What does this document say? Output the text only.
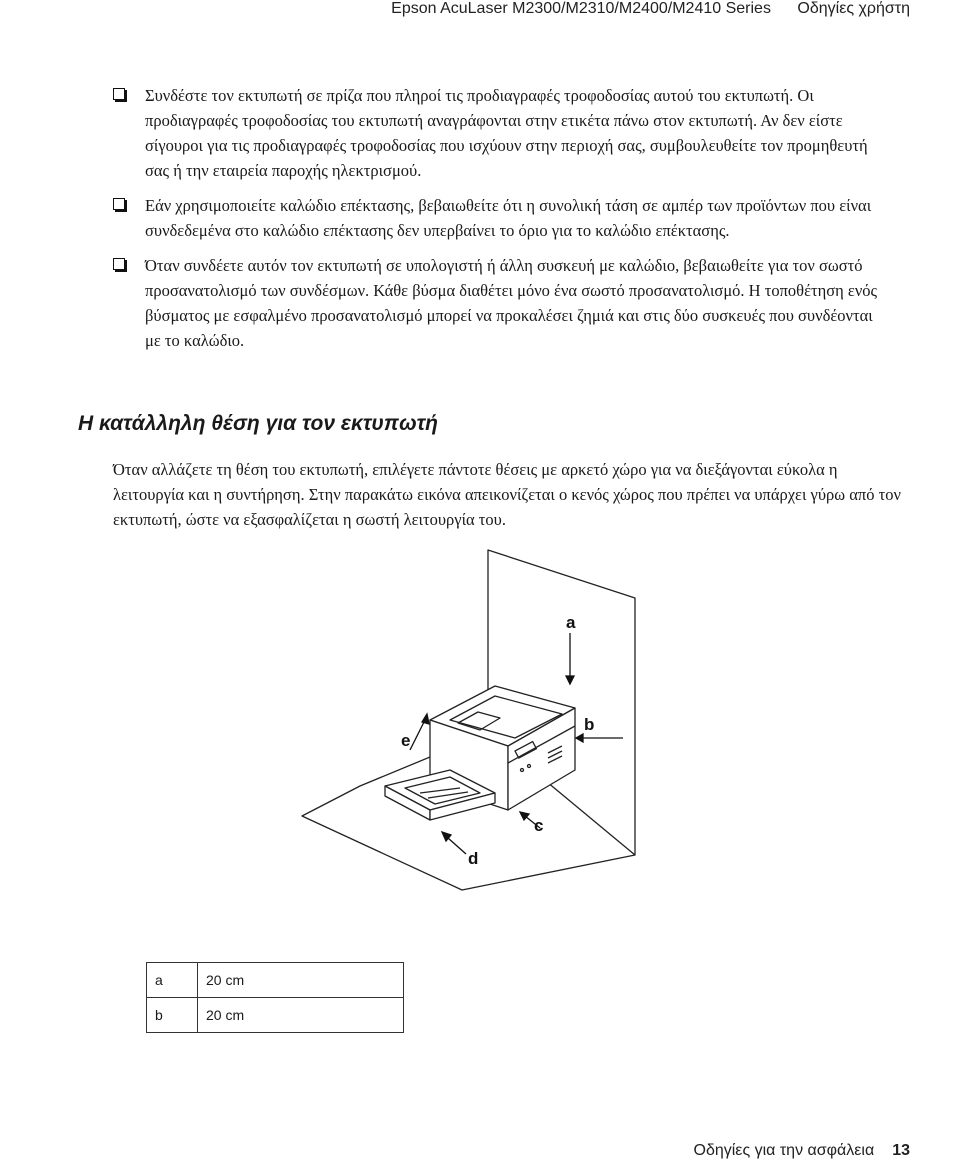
Epson AcuLaser M2300/M2310/M2400/M2410 Series Οδηγίες χρήστη
Συνδέστε τον εκτυπωτή σε πρίζα που πληροί τις προδιαγραφές τροφοδοσίας αυτού του εκτυπωτή. Οι προδιαγραφές τροφοδοσίας του εκτυπωτή αναγράφονται στην ετικέτα πάνω στον εκτυπωτή. Αν δεν είστε σίγουροι για τις προδιαγραφές τροφοδοσίας που ισχύουν στην περιοχή σας, συμβουλευθείτε τον προμηθευτή σας ή την εταιρεία παροχής ηλεκτρισμού.
Εάν χρησιμοποιείτε καλώδιο επέκτασης, βεβαιωθείτε ότι η συνολική τάση σε αμπέρ των προϊόντων που είναι συνδεδεμένα στο καλώδιο επέκτασης δεν υπερβαίνει το όριο για το καλώδιο επέκτασης.
Όταν συνδέετε αυτόν τον εκτυπωτή σε υπολογιστή ή άλλη συσκευή με καλώδιο, βεβαιωθείτε για τον σωστό προσανατολισμό των συνδέσμων. Κάθε βύσμα διαθέτει μόνο ένα σωστό προσανατολισμό. Η τοποθέτηση ενός βύσματος με εσφαλμένο προσανατολισμό μπορεί να προκαλέσει ζημιά και στις δύο συσκευές που συνδέονται με το καλώδιο.
Η κατάλληλη θέση για τον εκτυπωτή

Όταν αλλάζετε τη θέση του εκτυπωτή, επιλέγετε πάντοτε θέσεις με αρκετό χώρο για να διεξάγονται εύκολα η λειτουργία και η συντήρηση. Στην παρακάτω εικόνα απεικονίζεται ο κενός χώρος που πρέπει να υπάρχει γύρω από τον εκτυπωτή, ώστε να εξασφαλίζεται η σωστή λειτουργία του.

a
b
c
d
e
a	20 cm
b	20 cm
Οδηγίες για την ασφάλεια 13
